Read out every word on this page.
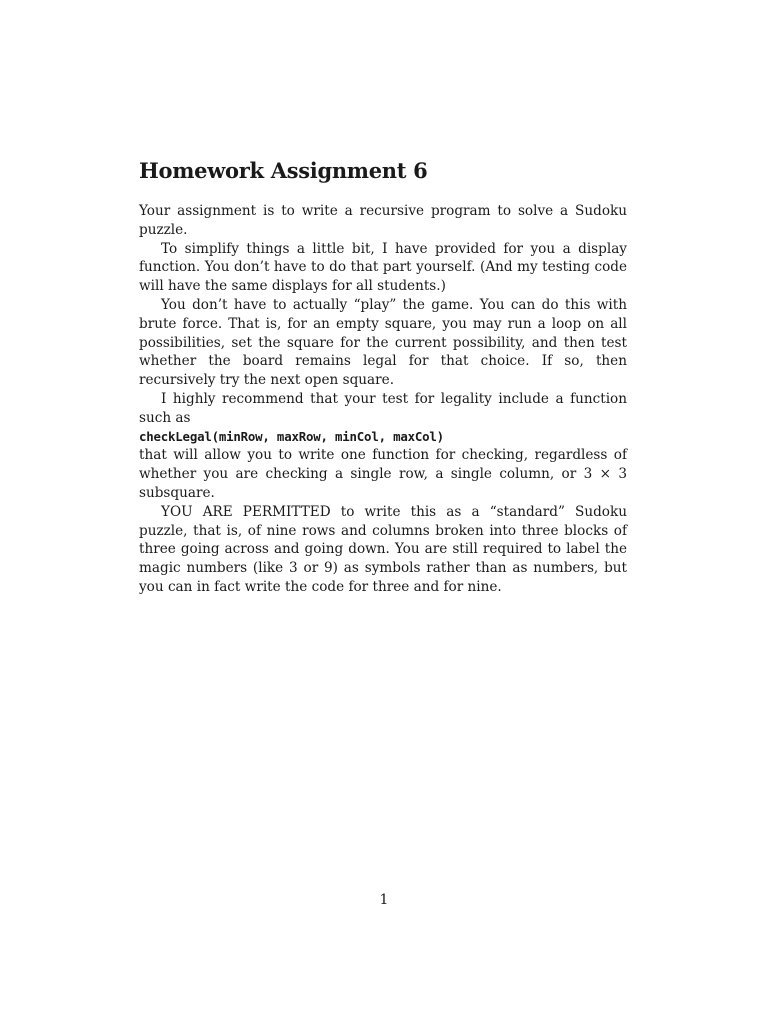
Homework Assignment 6

Your assignment is to write a recursive program to solve a Sudoku puzzle.

To simplify things a little bit, I have provided for you a display function. You don’t have to do that part yourself. (And my testing code will have the same displays for all students.)

You don’t have to actually “play” the game. You can do this with brute force. That is, for an empty square, you may run a loop on all possibilities, set the square for the current possibility, and then test whether the board remains legal for that choice. If so, then recursively try the next open square.

I highly recommend that your test for legality include a function such as

checkLegal(minRow, maxRow, minCol, maxCol)

that will allow you to write one function for checking, regardless of whether you are checking a single row, a single column, or 3 × 3 subsquare.

YOU ARE PERMITTED to write this as a “standard” Sudoku puzzle, that is, of nine rows and columns broken into three blocks of three going across and going down. You are still required to label the magic numbers (like 3 or 9) as symbols rather than as numbers, but you can in fact write the code for three and for nine.

1
